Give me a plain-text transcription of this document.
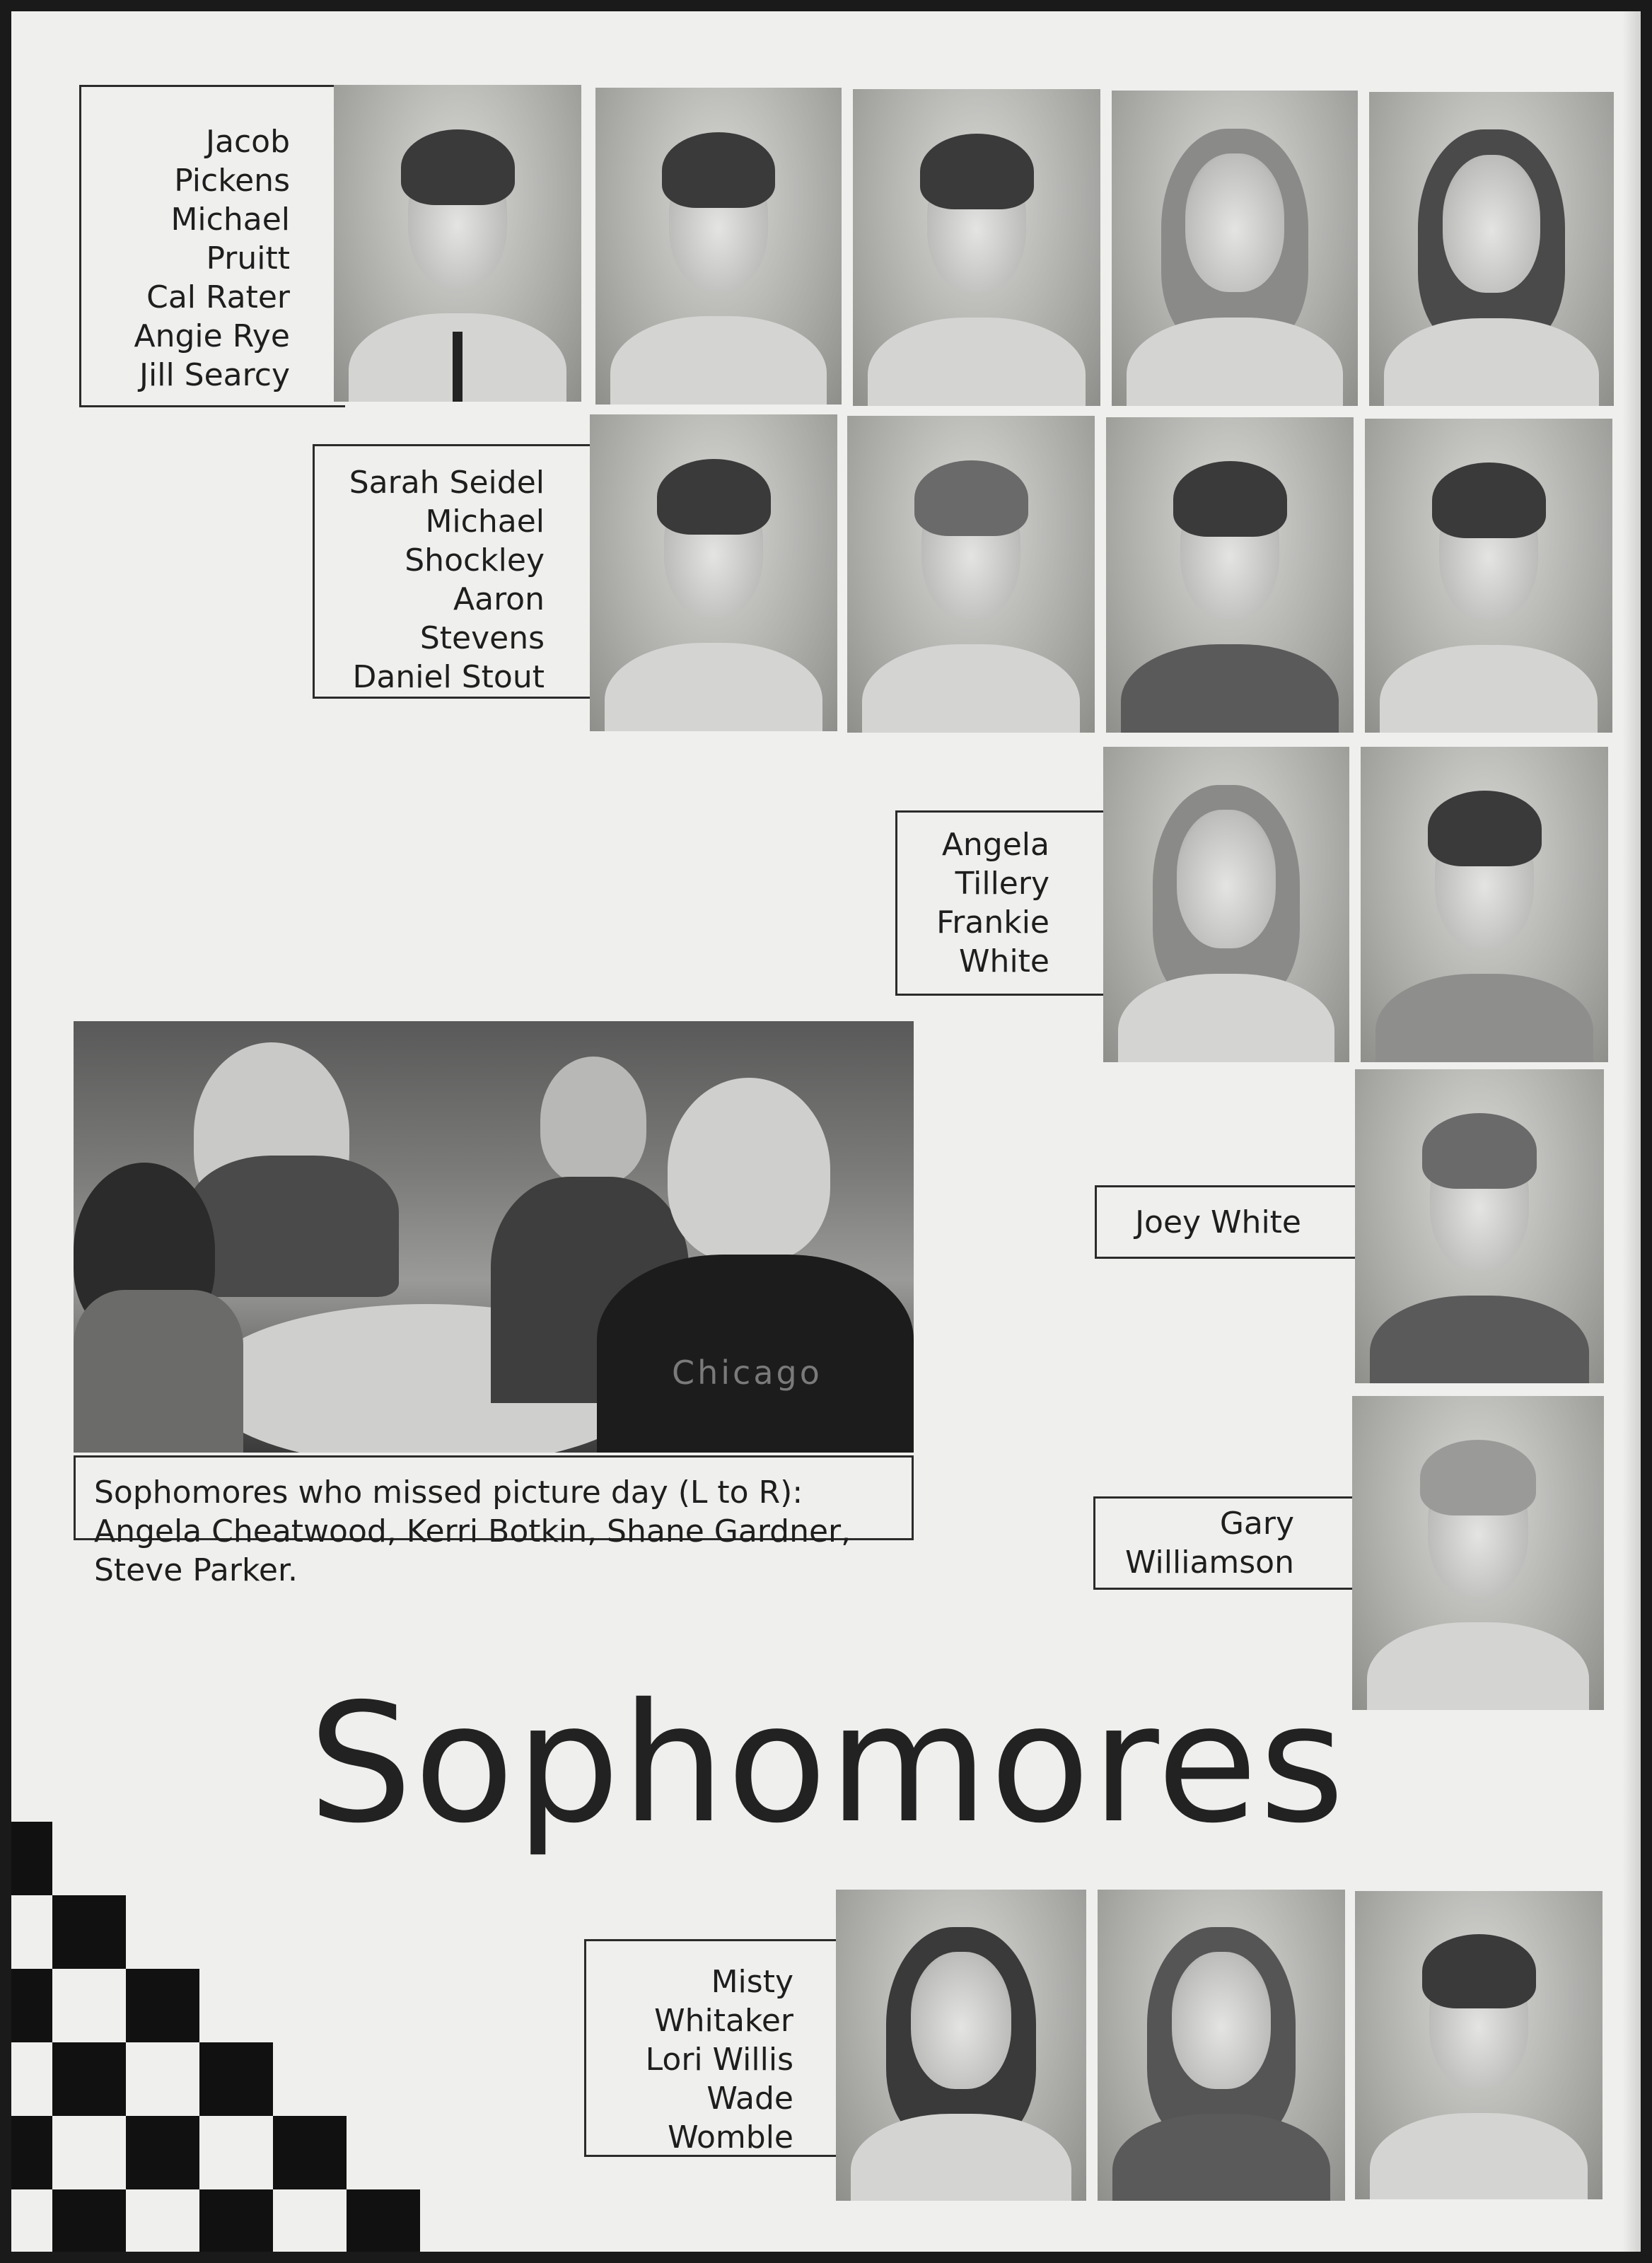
Jacob
Pickens
Michael
Pruitt
Cal Rater
Angie Rye
Jill Searcy
Sarah Seidel
Michael
Shockley
Aaron
Stevens
Daniel Stout
Angela
Tillery
Frankie
White
Joey White
Gary
Williamson
Chicago
Sophomores who missed picture day (L to R):
Angela Cheatwood, Kerri Botkin, Shane Gardner,
Steve Parker.
Sophomores
Misty
Whitaker
Lori Willis
Wade
Womble
